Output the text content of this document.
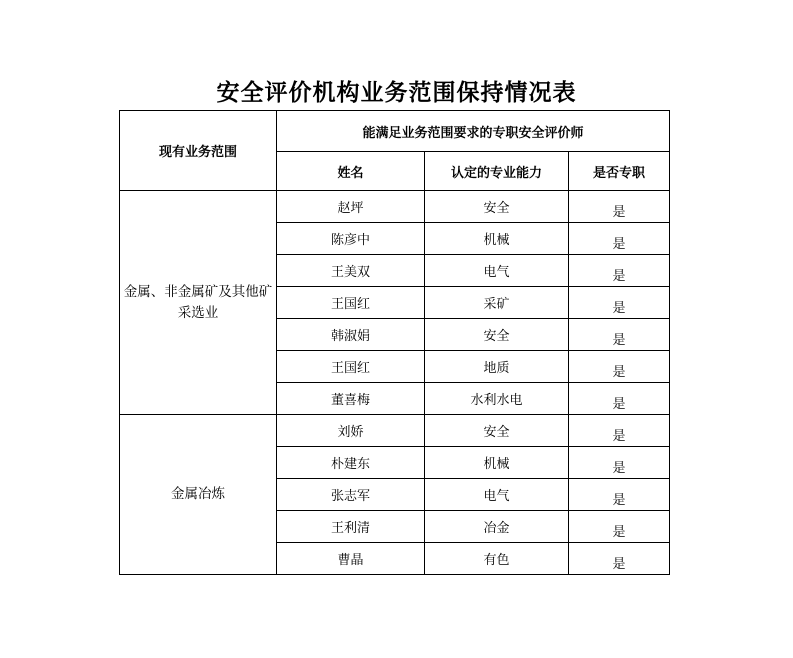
安全评价机构业务范围保持情况表
现有业务范围	能满足业务范围要求的专职安全评价师		
	姓名	认定的专业能力	是否专职
金属、非金属矿及其他矿采选业	赵坪	安全	是
	陈彦中	机械	是
	王美双	电气	是
	王国红	采矿	是
	韩淑娟	安全	是
	王国红	地质	是
	董喜梅	水利水电	是
金属冶炼	刘娇	安全	是
	朴建东	机械	是
	张志军	电气	是
	王利清	冶金	是
	曹晶	有色	是
